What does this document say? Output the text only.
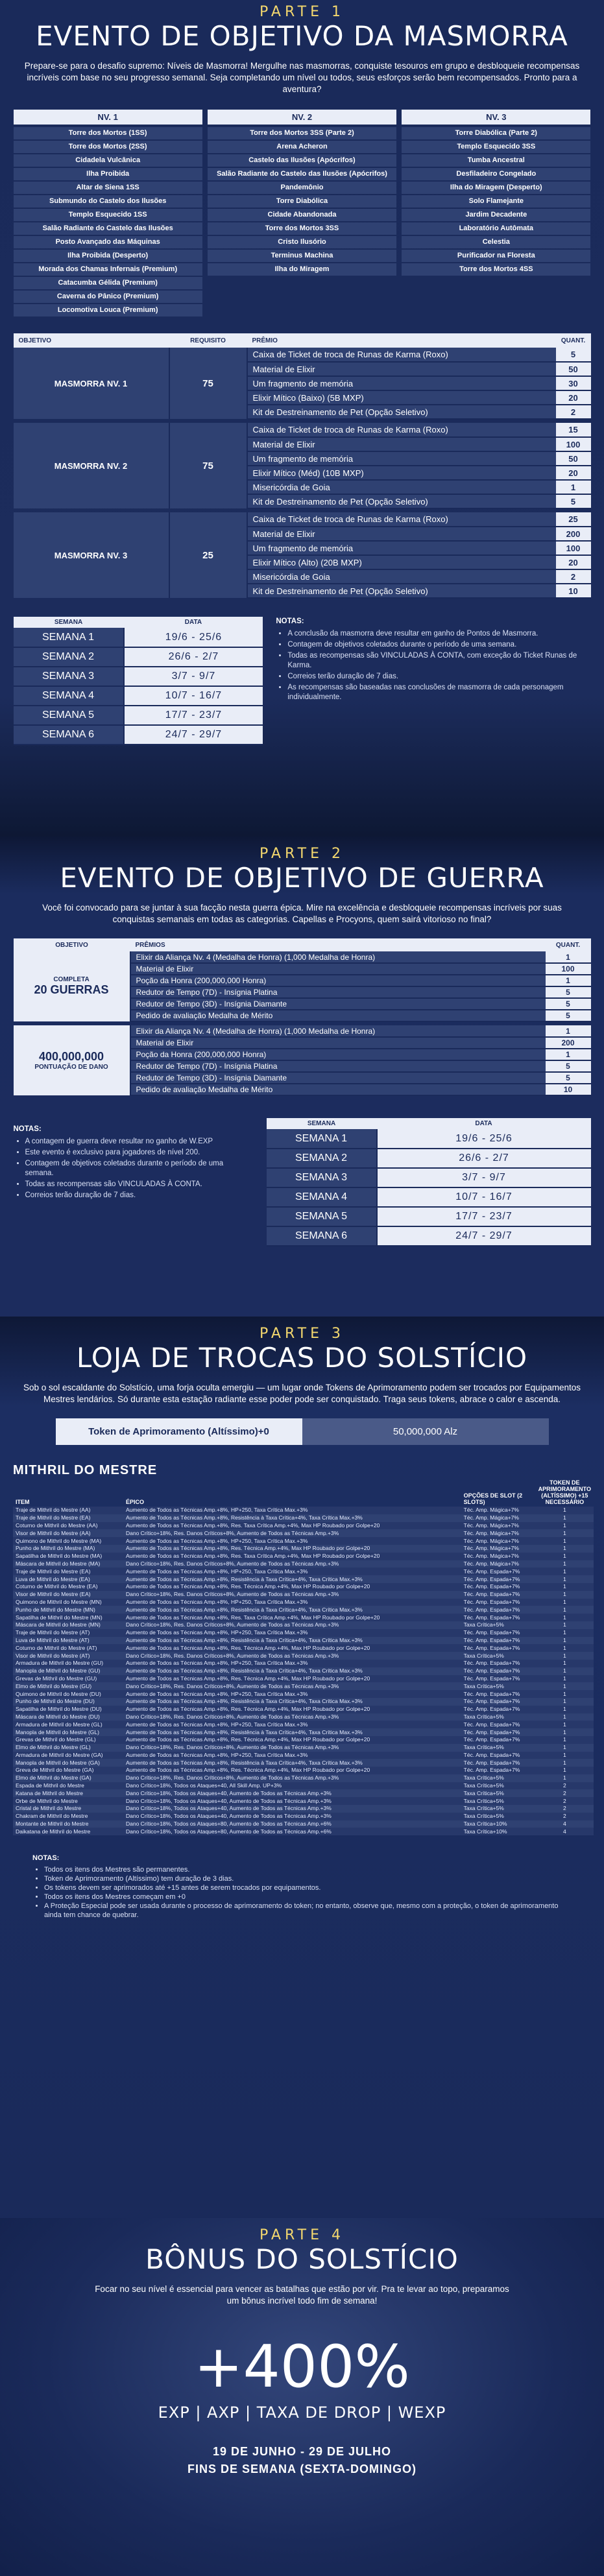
PARTE 1
EVENTO DE OBJETIVO DA MASMORRA

Prepare-se para o desafio supremo: Níveis de Masmorra! Mergulhe nas masmorras, conquiste tesouros em grupo e desbloqueie recompensas incríveis com base no seu progresso semanal. Seja completando um nível ou todos, seus esforços serão bem recompensados. Pronto para a aventura?

NV. 1
Torre dos Mortos (1SS)
Torre dos Mortos (2SS)
Cidadela Vulcânica
Ilha Proibida
Altar de Siena 1SS
Submundo do Castelo dos Ilusões
Templo Esquecido 1SS
Salão Radiante do Castelo das Ilusões
Posto Avançado das Máquinas
Ilha Proibida (Desperto)
Morada dos Chamas Infernais (Premium)
Catacumba Gélida (Premium)
Caverna do Pânico (Premium)
Locomotiva Louca (Premium)
NV. 2
Torre dos Mortos 3SS (Parte 2)
Arena Acheron
Castelo das Ilusões (Apócrifos)
Salão Radiante do Castelo das Ilusões (Apócrifos)
Pandemônio
Torre Diabólica
Cidade Abandonada
Torre dos Mortos 3SS
Cristo Ilusório
Terminus Machina
Ilha do Miragem
NV. 3
Torre Diabólica (Parte 2)
Templo Esquecido 3SS
Tumba Ancestral
Desfiladeiro Congelado
Ilha do Miragem (Desperto)
Solo Flamejante
Jardim Decadente
Laboratório Autômata
Celestia
Purificador na Floresta
Torre dos Mortos 4SS
OBJETIVO	REQUISITO	PRÊMIO	QUANT.
MASMORRA NV. 1	75	Caixa de Ticket de troca de Runas de Karma (Roxo)	5
		Material de Elixir	50
		Um fragmento de memória	30
		Elixir Mítico (Baixo) (5B MXP)	20
		Kit de Destreinamento de Pet (Opção Seletivo)	2

MASMORRA NV. 2	75	Caixa de Ticket de troca de Runas de Karma (Roxo)	15
		Material de Elixir	100
		Um fragmento de memória	50
		Elixir Mítico (Méd) (10B MXP)	20
		Misericórdia de Goia	1
		Kit de Destreinamento de Pet (Opção Seletivo)	5

MASMORRA NV. 3	25	Caixa de Ticket de troca de Runas de Karma (Roxo)	25
		Material de Elixir	200
		Um fragmento de memória	100
		Elixir Mítico (Alto) (20B MXP)	20
		Misericórdia de Goia	2
		Kit de Destreinamento de Pet (Opção Seletivo)	10
SEMANA	DATA
SEMANA 1	19/6 - 25/6
SEMANA 2	26/6 - 2/7
SEMANA 3	3/7 - 9/7
SEMANA 4	10/7 - 16/7
SEMANA 5	17/7 - 23/7
SEMANA 6	24/7 - 29/7
NOTAS:
• A conclusão da masmorra deve resultar em ganho de Pontos de Masmorra.
• Contagem de objetivos coletados durante o período de uma semana.
• Todas as recompensas são VINCULADAS À CONTA, com exceção do Ticket Runas de Karma.
• Correios terão duração de 7 dias.
• As recompensas são baseadas nas conclusões de masmorra de cada personagem individualmente.
PARTE 2
EVENTO DE OBJETIVO DE GUERRA

Você foi convocado para se juntar à sua facção nesta guerra épica. Mire na excelência e desbloqueie recompensas incríveis por suas conquistas semanais em todas as categorias. Capellas e Procyons, quem sairá vitorioso no final?

OBJETIVO	PRÊMIOS	QUANT.

COMPLETA
20 GUERRAS	Elixir da Aliança Nv. 4 (Medalha de Honra) (1,000 Medalha de Honra)	1
	Material de Elixir	100
	Poção da Honra (200,000,000 Honra)	1
	Redutor de Tempo (7D) - Insígnia Platina	5
	Redutor de Tempo (3D) - Insígnia Diamante	5
	Pedido de avaliação Medalha de Mérito	5

400,000,000
PONTUAÇÃO DE DANO	Elixir da Aliança Nv. 4 (Medalha de Honra) (1,000 Medalha de Honra)	1
	Material de Elixir	200
	Poção da Honra (200,000,000 Honra)	1
	Redutor de Tempo (7D) - Insígnia Platina	5
	Redutor de Tempo (3D) - Insígnia Diamante	5
	Pedido de avaliação Medalha de Mérito	10
NOTAS:
• A contagem de guerra deve resultar no ganho de W.EXP
• Este evento é exclusivo para jogadores de nível 200.
• Contagem de objetivos coletados durante o período de uma semana.
• Todas as recompensas são VINCULADAS À CONTA.
• Correios terão duração de 7 dias.
SEMANA	DATA
SEMANA 1	19/6 - 25/6
SEMANA 2	26/6 - 2/7
SEMANA 3	3/7 - 9/7
SEMANA 4	10/7 - 16/7
SEMANA 5	17/7 - 23/7
SEMANA 6	24/7 - 29/7
PARTE 3
LOJA DE TROCAS DO SOLSTÍCIO

Sob o sol escaldante do Solstício, uma forja oculta emergiu — um lugar onde Tokens de Aprimoramento podem ser trocados por Equipamentos Mestres lendários. Só durante esta estação radiante esse poder pode ser conquistado. Traga seus tokens, abrace o calor e ascenda.

Token de Aprimoramento (Altíssimo)+0	50,000,000 Alz
MITHRIL DO MESTRE
ITEM	ÉPICO	OPÇÕES DE SLOT (2 SLOTS)	TOKEN DE APRIMORAMENTO (ALTÍSSIMO) +15 NECESSÁRIO
Traje de Mithril do Mestre (AA)	Aumento de Todos as Técnicas Amp.+8%, HP+250, Taxa Crítica Max.+3%	Téc. Amp. Mágica+7%	1
Traje de Mithril do Mestre (EA)	Aumento de Todos as Técnicas Amp.+8%, Resistência à Taxa Crítica+4%, Taxa Crítica Max.+3%	Téc. Amp. Mágica+7%	1
Coturno de Mithril do Mestre (AA)	Aumento de Todos as Técnicas Amp.+8%, Res. Taxa Crítica Amp.+4%, Max HP Roubado por Golpe+20	Téc. Amp. Mágica+7%	1
Visor de Mithril do Mestre (AA)	Dano Crítico+18%, Res. Danos Críticos+8%, Aumento de Todos as Técnicas Amp.+3%	Téc. Amp. Mágica+7%	1
Quimono de Mithril do Mestre (MA)	Aumento de Todos as Técnicas Amp.+8%, HP+250, Taxa Crítica Max.+3%	Téc. Amp. Mágica+7%	1
Punho de Mithril do Mestre (MA)	Aumento de Todos as Técnicas Amp.+8%, Res. Técnica Amp.+4%, Max HP Roubado por Golpe+20	Téc. Amp. Mágica+7%	1
Sapatilha de Mithril do Mestre (MA)	Aumento de Todos as Técnicas Amp.+8%, Res. Taxa Crítica Amp.+4%, Max HP Roubado por Golpe+20	Téc. Amp. Mágica+7%	1
Máscara de Mithril do Mestre (MA)	Dano Crítico+18%, Res. Danos Críticos+8%, Aumento de Todos as Técnicas Amp.+3%	Téc. Amp. Mágica+7%	1
Traje de Mithril do Mestre (EA)	Aumento de Todos as Técnicas Amp.+8%, HP+250, Taxa Crítica Max.+3%	Téc. Amp. Espada+7%	1
Luva de Mithril do Mestre (EA)	Aumento de Todos as Técnicas Amp.+8%, Resistência à Taxa Crítica+4%, Taxa Crítica Max.+3%	Téc. Amp. Espada+7%	1
Coturno de Mithril do Mestre (EA)	Aumento de Todos as Técnicas Amp.+8%, Res. Técnica Amp.+4%, Max HP Roubado por Golpe+20	Téc. Amp. Espada+7%	1
Visor de Mithril do Mestre (EA)	Dano Crítico+18%, Res. Danos Críticos+8%, Aumento de Todos as Técnicas Amp.+3%	Téc. Amp. Espada+7%	1
Quimono de Mithril do Mestre (MN)	Aumento de Todos as Técnicas Amp.+8%, HP+250, Taxa Crítica Max.+3%	Téc. Amp. Espada+7%	1
Punho de Mithril do Mestre (MN)	Aumento de Todos as Técnicas Amp.+8%, Resistência à Taxa Crítica+4%, Taxa Crítica Max.+3%	Téc. Amp. Espada+7%	1
Sapatilha de Mithril do Mestre (MN)	Aumento de Todos as Técnicas Amp.+8%, Res. Taxa Crítica Amp.+4%, Max HP Roubado por Golpe+20	Téc. Amp. Espada+7%	1
Máscara de Mithril do Mestre (MN)	Dano Crítico+18%, Res. Danos Críticos+8%, Aumento de Todos as Técnicas Amp.+3%	Taxa Crítica+5%	1
Traje de Mithril do Mestre (AT)	Aumento de Todos as Técnicas Amp.+8%, HP+250, Taxa Crítica Max.+3%	Téc. Amp. Espada+7%	1
Luva de Mithril do Mestre (AT)	Aumento de Todos as Técnicas Amp.+8%, Resistência à Taxa Crítica+4%, Taxa Crítica Max.+3%	Téc. Amp. Espada+7%	1
Coturno de Mithril do Mestre (AT)	Aumento de Todos as Técnicas Amp.+8%, Res. Técnica Amp.+4%, Max HP Roubado por Golpe+20	Téc. Amp. Espada+7%	1
Visor de Mithril do Mestre (AT)	Dano Crítico+18%, Res. Danos Críticos+8%, Aumento de Todos as Técnicas Amp.+3%	Taxa Crítica+5%	1
Armadura de Mithril do Mestre (GU)	Aumento de Todos as Técnicas Amp.+8%, HP+250, Taxa Crítica Max.+3%	Téc. Amp. Espada+7%	1
Manopla de Mithril do Mestre (GU)	Aumento de Todos as Técnicas Amp.+8%, Resistência à Taxa Crítica+4%, Taxa Crítica Max.+3%	Téc. Amp. Espada+7%	1
Grevas de Mithril do Mestre (GU)	Aumento de Todos as Técnicas Amp.+8%, Res. Técnica Amp.+4%, Max HP Roubado por Golpe+20	Téc. Amp. Espada+7%	1
Elmo de Mithril do Mestre (GU)	Dano Crítico+18%, Res. Danos Críticos+8%, Aumento de Todos as Técnicas Amp.+3%	Taxa Crítica+5%	1
Quimono de Mithril do Mestre (DU)	Aumento de Todos as Técnicas Amp.+8%, HP+250, Taxa Crítica Max.+3%	Téc. Amp. Espada+7%	1
Punho de Mithril do Mestre (DU)	Aumento de Todos as Técnicas Amp.+8%, Resistência à Taxa Crítica+4%, Taxa Crítica Max.+3%	Téc. Amp. Espada+7%	1
Sapatilha de Mithril do Mestre (DU)	Aumento de Todos as Técnicas Amp.+8%, Res. Técnica Amp.+4%, Max HP Roubado por Golpe+20	Téc. Amp. Espada+7%	1
Máscara de Mithril do Mestre (DU)	Dano Crítico+18%, Res. Danos Críticos+8%, Aumento de Todos as Técnicas Amp.+3%	Taxa Crítica+5%	1
Armadura de Mithril do Mestre (GL)	Aumento de Todos as Técnicas Amp.+8%, HP+250, Taxa Crítica Max.+3%	Téc. Amp. Espada+7%	1
Manopla de Mithril do Mestre (GL)	Aumento de Todos as Técnicas Amp.+8%, Resistência à Taxa Crítica+4%, Taxa Crítica Max.+3%	Téc. Amp. Espada+7%	1
Grevas de Mithril do Mestre (GL)	Aumento de Todos as Técnicas Amp.+8%, Res. Técnica Amp.+4%, Max HP Roubado por Golpe+20	Téc. Amp. Espada+7%	1
Elmo de Mithril do Mestre (GL)	Dano Crítico+18%, Res. Danos Críticos+8%, Aumento de Todos as Técnicas Amp.+3%	Taxa Crítica+5%	1
Armadura de Mithril do Mestre (GA)	Aumento de Todos as Técnicas Amp.+8%, HP+250, Taxa Crítica Max.+3%	Téc. Amp. Espada+7%	1
Manopla de Mithril do Mestre (GA)	Aumento de Todos as Técnicas Amp.+8%, Resistência à Taxa Crítica+4%, Taxa Crítica Max.+3%	Téc. Amp. Espada+7%	1
Greva de Mithril do Mestre (GA)	Aumento de Todos as Técnicas Amp.+8%, Res. Técnica Amp.+4%, Max HP Roubado por Golpe+20	Téc. Amp. Espada+7%	1
Elmo de Mithril do Mestre (GA)	Dano Crítico+18%, Res. Danos Críticos+8%, Aumento de Todos as Técnicas Amp.+3%	Taxa Crítica+5%	1
Espada de Mithril do Mestre	Dano Crítico+18%, Todos os Ataques+40, All Skill Amp. UP+3%	Taxa Crítica+5%	2
Katana de Mithril do Mestre	Dano Crítico+18%, Todos os Ataques+40, Aumento de Todos as Técnicas Amp.+3%	Taxa Crítica+5%	2
Orbe de Mithril do Mestre	Dano Crítico+18%, Todos os Ataques+40, Aumento de Todos as Técnicas Amp.+3%	Taxa Crítica+5%	2
Cristal de Mithril do Mestre	Dano Crítico+18%, Todos os Ataques+40, Aumento de Todos as Técnicas Amp.+3%	Taxa Crítica+5%	2
Chakram de Mithril do Mestre	Dano Crítico+18%, Todos os Ataques+40, Aumento de Todos as Técnicas Amp.+3%	Taxa Crítica+5%	2
Montante de Mithril do Mestre	Dano Crítico+18%, Todos os Ataques+80, Aumento de Todos as Técnicas Amp.+6%	Taxa Crítica+10%	4
Daikatana de Mithril do Mestre	Dano Crítico+18%, Todos os Ataques+80, Aumento de Todos as Técnicas Amp.+6%	Taxa Crítica+10%	4
NOTAS:
• Todos os itens dos Mestres são permanentes.
• Token de Aprimoramento (Altíssimo) tem duração de 3 dias.
• Os tokens devem ser aprimorados até +15 antes de serem trocados por equipamentos.
• Todos os itens dos Mestres começam em +0
• A Proteção Especial pode ser usada durante o processo de aprimoramento do token; no entanto, observe que, mesmo com a proteção, o token de aprimoramento ainda tem chance de quebrar.
PARTE 4
BÔNUS DO SOLSTÍCIO

Focar no seu nível é essencial para vencer as batalhas que estão por vir. Pra te levar ao topo, preparamos um bônus incrível todo fim de semana!

+400%
EXP | AXP | TAXA DE DROP | WEXP
19 DE JUNHO - 29 DE JULHO
FINS DE SEMANA (SEXTA-DOMINGO)
